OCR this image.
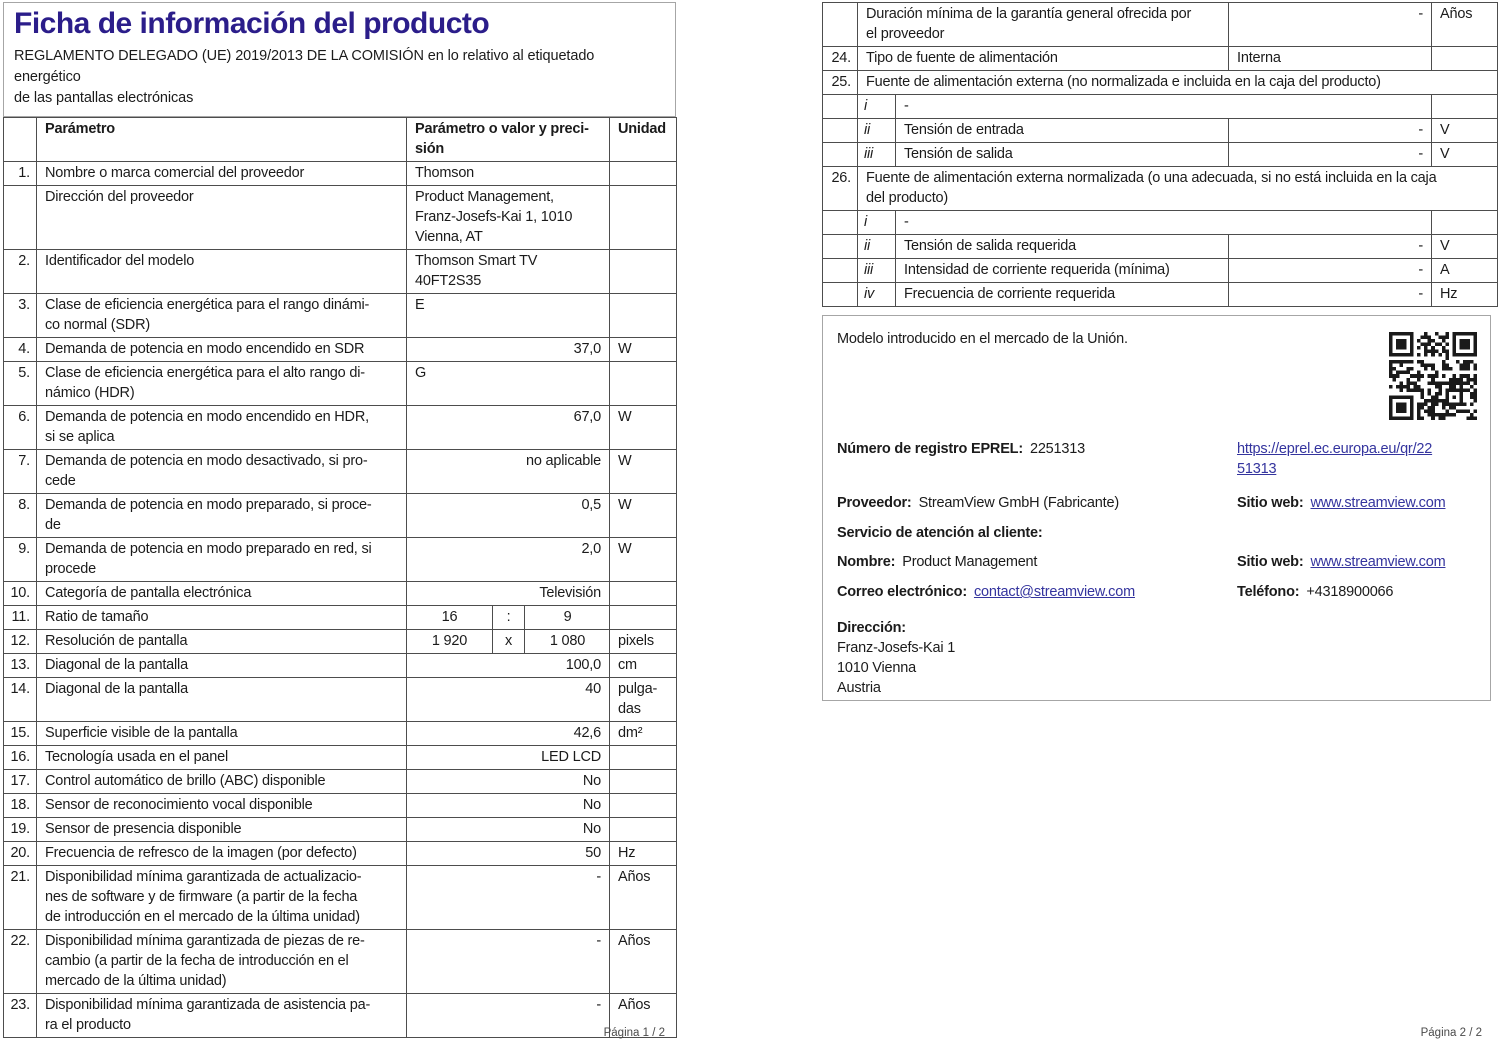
Ficha de información del producto
REGLAMENTO DELEGADO (UE) 2019/2013 DE LA COMISIÓN en lo relativo al etiquetado energético
de las pantallas electrónicas
	Parámetro	Parámetro o valor y preci-
sión	Unidad
1.	Nombre o marca comercial del proveedor	Thomson	
	Dirección del proveedor	Product Management,
Franz-Josefs-Kai 1, 1010
Vienna, AT	
2.	Identificador del modelo	Thomson Smart TV
40FT2S35	
3.	Clase de eficiencia energética para el rango dinámi-
co normal (SDR)	E	
4.	Demanda de potencia en modo encendido en SDR	37,0	W
5.	Clase de eficiencia energética para el alto rango di-
námico (HDR)	G	
6.	Demanda de potencia en modo encendido en HDR,
si se aplica	67,0	W
7.	Demanda de potencia en modo desactivado, si pro-
cede	no aplicable	W
8.	Demanda de potencia en modo preparado, si proce-
de	0,5	W
9.	Demanda de potencia en modo preparado en red, si
procede	2,0	W
10.	Categoría de pantalla electrónica	Televisión	
11.	Ratio de tamaño	16 : 9	

12.	Resolución de pantalla	1 920 x 1 080	pixels
13.	Diagonal de la pantalla	100,0	cm
14.	Diagonal de la pantalla	40	pulga-
das
15.	Superficie visible de la pantalla	42,6	dm²
16.	Tecnología usada en el panel	LED LCD	
17.	Control automático de brillo (ABC) disponible	No	
18.	Sensor de reconocimiento vocal disponible	No	
19.	Sensor de presencia disponible	No	
20.	Frecuencia de refresco de la imagen (por defecto)	50	Hz
21.	Disponibilidad mínima garantizada de actualizacio-
nes de software y de firmware (a partir de la fecha
de introducción en el mercado de la última unidad)	-	Años
22.	Disponibilidad mínima garantizada de piezas de re-
cambio (a partir de la fecha de introducción en el
mercado de la última unidad)	-	Años
23.	Disponibilidad mínima garantizada de asistencia pa-
ra el producto	-	Años
	Duración mínima de la garantía general ofrecida por
el proveedor		-	Años
24.	Tipo de fuente de alimentación		Interna	
25.	Fuente de alimentación externa (no normalizada e incluida en la caja del producto)			
	i	-		
	ii	Tensión de entrada	-	V
	iii	Tensión de salida	-	V
26.	Fuente de alimentación externa normalizada (o una adecuada, si no está incluida en la caja
del producto)			
	i	-		
	ii	Tensión de salida requerida	-	V
	iii	Intensidad de corriente requerida (mínima)	-	A
	iv	Frecuencia de corriente requerida	-	Hz
Modelo introducido en el mercado de la Unión.
Número de registro EPREL: 2251313	https://eprel.ec.europa.eu/qr/22
51313
Proveedor: StreamView GmbH (Fabricante)	Sitio web: www.streamview.com
Servicio de atención al cliente:
Nombre: Product Management	Sitio web: www.streamview.com
Correo electrónico: contact@streamview.com	Teléfono: +4318900066
Dirección:
Franz-Josefs-Kai 1
1010 Vienna
Austria
Página 1 / 2	Página 2 / 2
